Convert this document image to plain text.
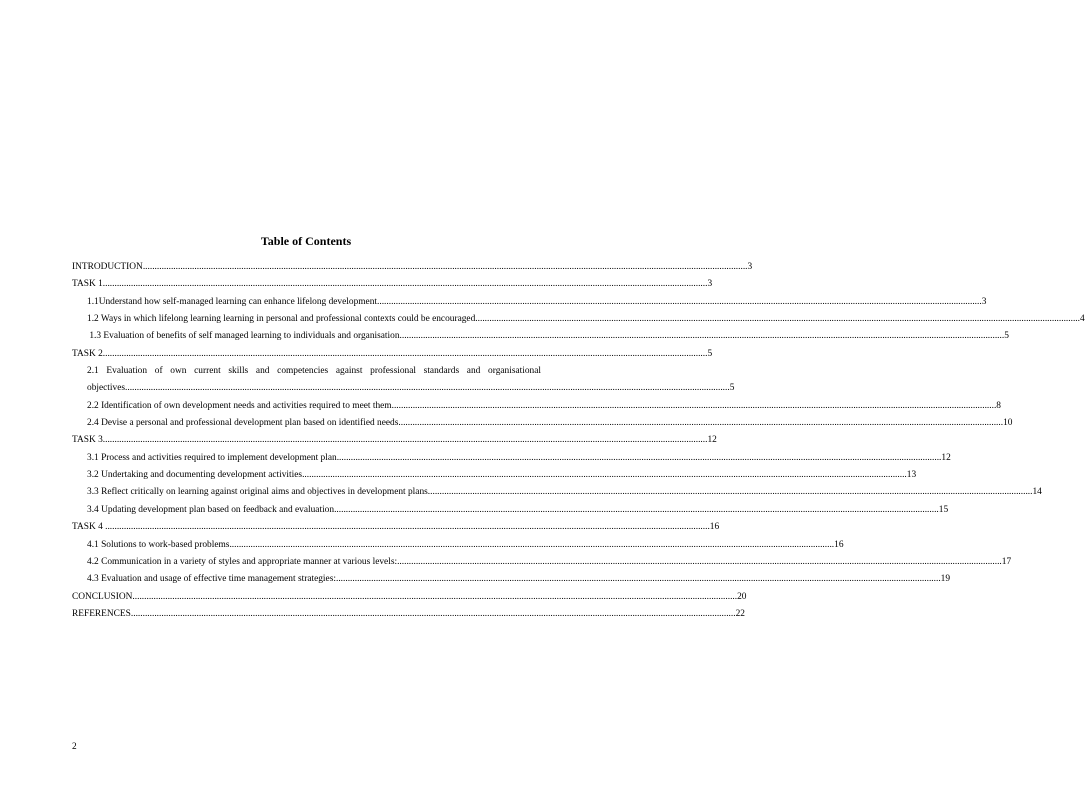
Table of Contents
INTRODUCTION .....	3
TASK 1 .....	3
1.1Understand how self-managed learning can enhance lifelong development .....	3
1.2 Ways in which lifelong learning learning in personal and professional contexts could be encouraged .....	4
1.3 Evaluation of benefits of self managed learning to individuals and organisation .....	5
TASK 2 .....	5
2.1 Evaluation of own current skills and competencies against professional standards and organisational
objectives .....	5
2.2 Identification of own development needs and activities required to meet them .....	8
2.4 Devise a personal and professional development plan based on identified needs .....	10
TASK 3 .....	12
3.1 Process and activities required to implement development plan .....	12
3.2 Undertaking and documenting development activities .....	13
3.3 Reflect critically on learning against original aims and objectives in development plans .....	14
3.4 Updating development plan based on feedback and evaluation .....	15
TASK 4 .....	16
4.1 Solutions to work-based problems .....	16
4.2 Communication in a variety of styles and appropriate manner at various levels: .....	17
4.3 Evaluation and usage of effective time management strategies: .....	19
CONCLUSION .....	20
REFERENCES .....	22
2
